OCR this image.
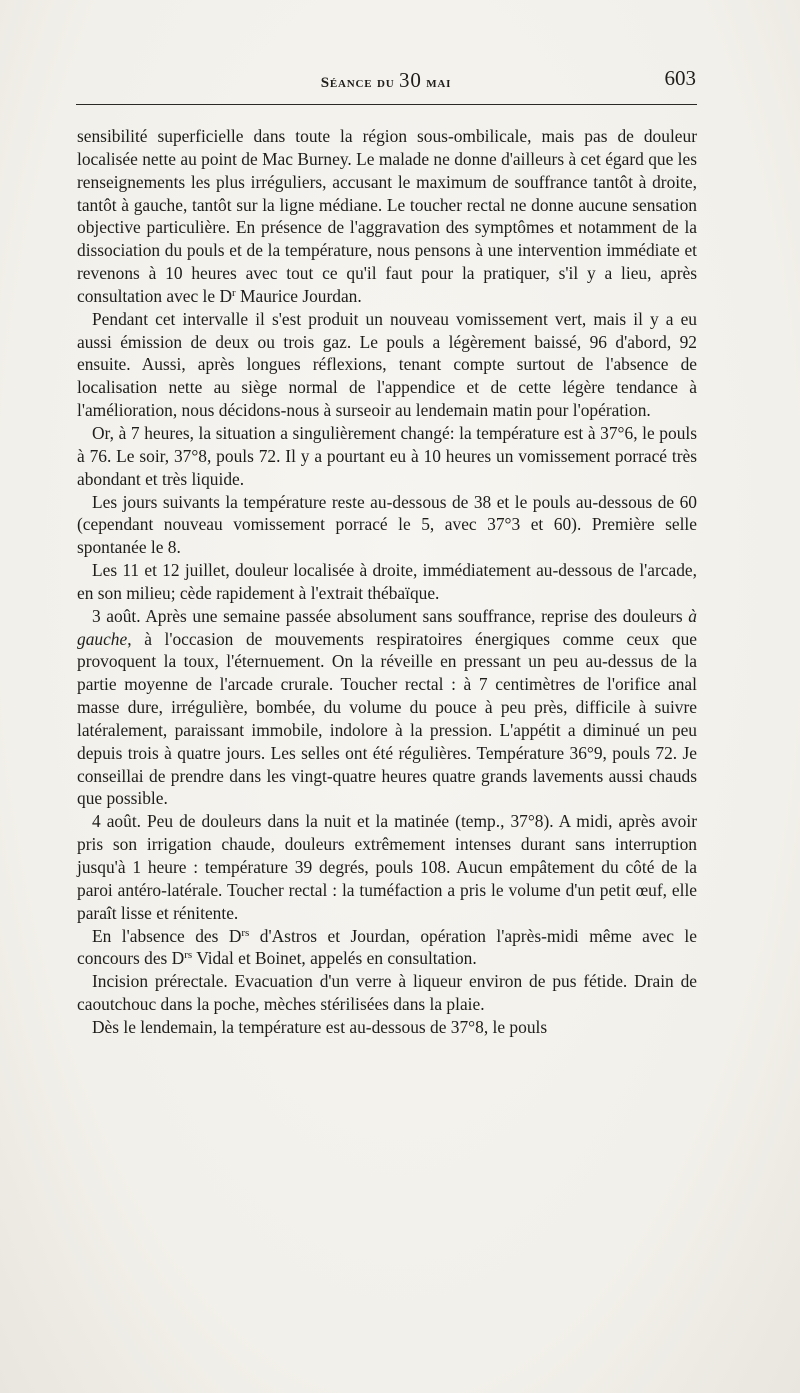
Séance du 30 mai	603

sensibilité superficielle dans toute la région sous-ombilicale, mais pas de douleur localisée nette au point de Mac Burney. Le malade ne donne d'ailleurs à cet égard que les renseignements les plus irréguliers, accusant le maximum de souffrance tantôt à droite, tantôt à gauche, tantôt sur la ligne médiane. Le toucher rectal ne donne aucune sensation objective particulière. En présence de l'aggravation des symptômes et notamment de la dissociation du pouls et de la température, nous pensons à une intervention immédiate et revenons à 10 heures avec tout ce qu'il faut pour la pratiquer, s'il y a lieu, après consultation avec le $D^r$ Maurice Jourdan.

Pendant cet intervalle il s'est produit un nouveau vomissement vert, mais il y a eu aussi émission de deux ou trois gaz. Le pouls a légèrement baissé, 96 d'abord, 92 ensuite. Aussi, après longues réflexions, tenant compte surtout de l'absence de localisation nette au siège normal de l'appendice et de cette légère tendance à l'amélioration, nous décidons-nous à surseoir au lendemain matin pour l'opération.

Or, à 7 heures, la situation a singulièrement changé: la température est à 37°6, le pouls à 76. Le soir, 37°8, pouls 72. Il y a pourtant eu à 10 heures un vomissement porracé très abondant et très liquide.

Les jours suivants la température reste au-dessous de 38 et le pouls au-dessous de 60 (cependant nouveau vomissement porracé le 5, avec 37°3 et 60). Première selle spontanée le 8.

Les 11 et 12 juillet, douleur localisée à droite, immédiatement au-dessous de l'arcade, en son milieu; cède rapidement à l'extrait thébaïque.

3 août. Après une semaine passée absolument sans souffrance, reprise des douleurs à gauche, à l'occasion de mouvements respiratoires énergiques comme ceux que provoquent la toux, l'éternuement. On la réveille en pressant un peu au-dessus de la partie moyenne de l'arcade crurale. Toucher rectal : à 7 centimètres de l'orifice anal masse dure, irrégulière, bombée, du volume du pouce à peu près, difficile à suivre latéralement, paraissant immobile, indolore à la pression. L'appétit a diminué un peu depuis trois à quatre jours. Les selles ont été régulières. Température 36°9, pouls 72. Je conseillai de prendre dans les vingt-quatre heures quatre grands lavements aussi chauds que possible.

4 août. Peu de douleurs dans la nuit et la matinée (temp., 37°8). A midi, après avoir pris son irrigation chaude, douleurs extrêmement intenses durant sans interruption jusqu'à 1 heure : température 39 degrés, pouls 108. Aucun empâtement du côté de la paroi antéro-latérale. Toucher rectal : la tuméfaction a pris le volume d'un petit œuf, elle paraît lisse et rénitente.

En l'absence des $D^{rs}$ d'Astros et Jourdan, opération l'après-midi même avec le concours des $D^{rs}$ Vidal et Boinet, appelés en consultation.

Incision prérectale. Evacuation d'un verre à liqueur environ de pus fétide. Drain de caoutchouc dans la poche, mèches stérilisées dans la plaie.

Dès le lendemain, la température est au-dessous de 37°8, le pouls
